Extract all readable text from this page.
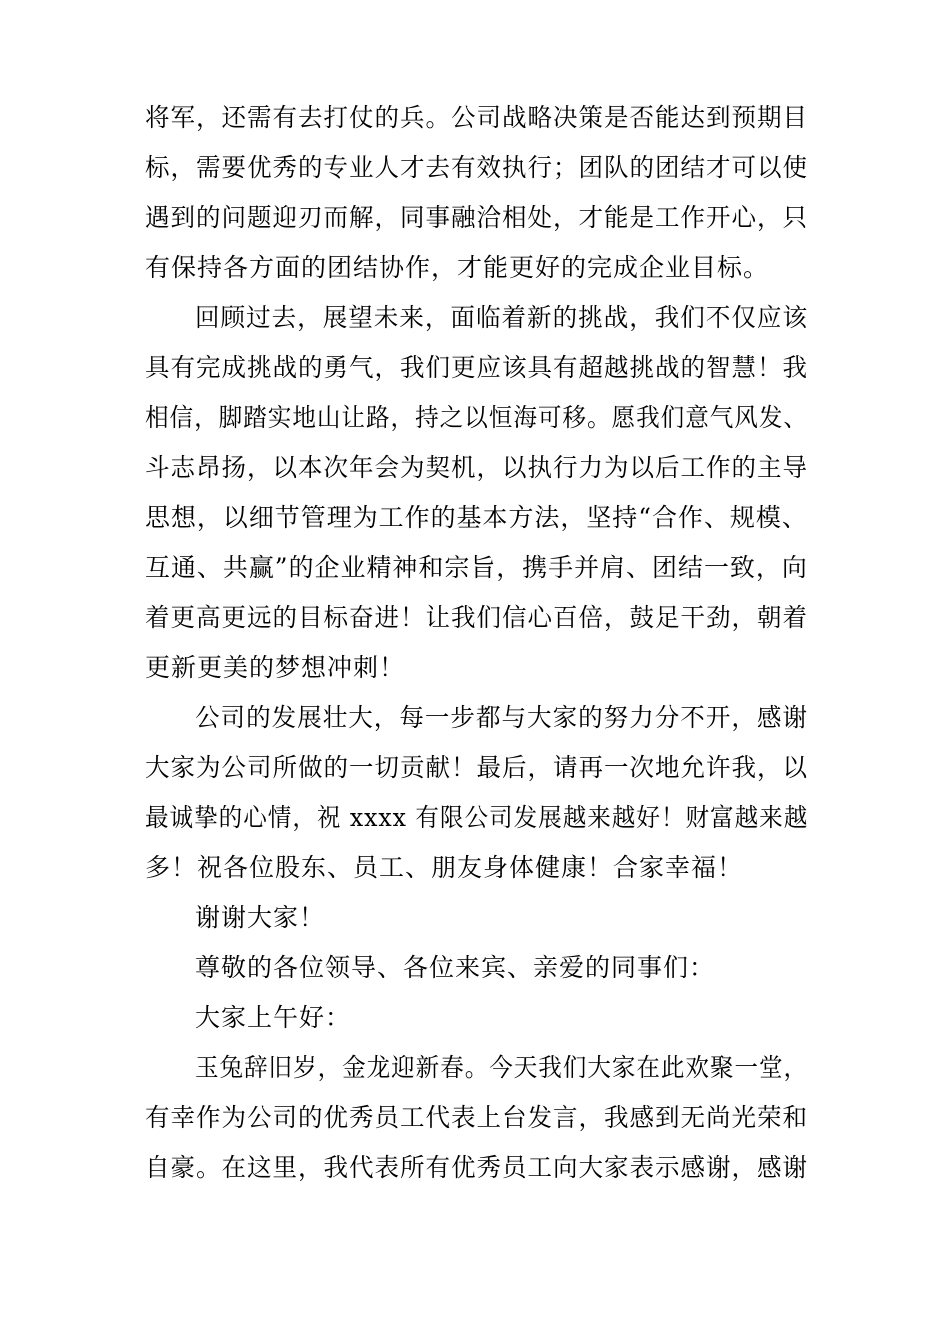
将军，还需有去打仗的兵。公司战略决策是否能达到预期目
标，需要优秀的专业人才去有效执行；团队的团结才可以使
遇到的问题迎刃而解，同事融洽相处，才能是工作开心，只
有保持各方面的团结协作，才能更好的完成企业目标。
回顾过去，展望未来，面临着新的挑战，我们不仅应该
具有完成挑战的勇气，我们更应该具有超越挑战的智慧！我
相信，脚踏实地山让路，持之以恒海可移。愿我们意气风发、
斗志昂扬，以本次年会为契机，以执行力为以后工作的主导
思想，以细节管理为工作的基本方法，坚持“合作、规模、
互通、共赢”的企业精神和宗旨，携手并肩、团结一致，向
着更高更远的目标奋进！让我们信心百倍，鼓足干劲，朝着
更新更美的梦想冲刺！
公司的发展壮大，每一步都与大家的努力分不开，感谢
大家为公司所做的一切贡献！最后，请再一次地允许我，以
最诚挚的心情，祝 xxxx 有限公司发展越来越好！财富越来越
多！祝各位股东、员工、朋友身体健康！合家幸福！
谢谢大家！
尊敬的各位领导、各位来宾、亲爱的同事们：
大家上午好：
玉兔辞旧岁，金龙迎新春。今天我们大家在此欢聚一堂，
有幸作为公司的优秀员工代表上台发言，我感到无尚光荣和
自豪。在这里，我代表所有优秀员工向大家表示感谢，感谢
